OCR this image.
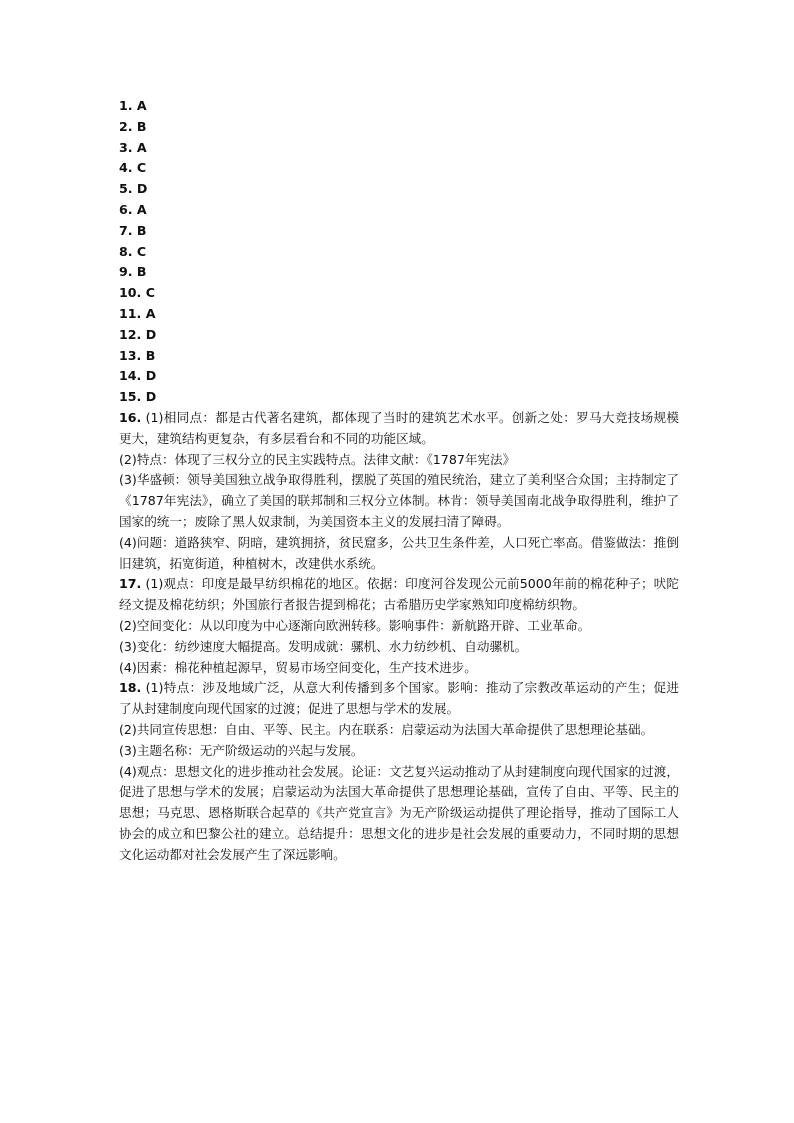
1. A
2. B
3. A
4. C
5. D
6. A
7. B
8. C
9. B
10. C
11. A
12. D
13. B
14. D
15. D
16. (1)相同点：都是古代著名建筑，都体现了当时的建筑艺术水平。创新之处：罗马大竞技场规模更大，建筑结构更复杂，有多层看台和不同的功能区域。
(2)特点：体现了三权分立的民主实践特点。法律文献：《1787年宪法》
(3)华盛顿：领导美国独立战争取得胜利，摆脱了英国的殖民统治，建立了美利坚合众国；主持制定了《1787年宪法》，确立了美国的联邦制和三权分立体制。林肯：领导美国南北战争取得胜利，维护了国家的统一；废除了黑人奴隶制，为美国资本主义的发展扫清了障碍。
(4)问题：道路狭窄、阴暗，建筑拥挤，贫民窟多，公共卫生条件差，人口死亡率高。借鉴做法：推倒旧建筑，拓宽街道，种植树木，改建供水系统。
17. (1)观点：印度是最早纺织棉花的地区。依据：印度河谷发现公元前5000年前的棉花种子；吠陀经文提及棉花纺织；外国旅行者报告提到棉花；古希腊历史学家熟知印度棉纺织物。
(2)空间变化：从以印度为中心逐渐向欧洲转移。影响事件：新航路开辟、工业革命。
(3)变化：纺纱速度大幅提高。发明成就：骡机、水力纺纱机、自动骡机。
(4)因素：棉花种植起源早，贸易市场空间变化，生产技术进步。
18. (1)特点：涉及地域广泛，从意大利传播到多个国家。影响：推动了宗教改革运动的产生；促进了从封建制度向现代国家的过渡；促进了思想与学术的发展。
(2)共同宣传思想：自由、平等、民主。内在联系：启蒙运动为法国大革命提供了思想理论基础。
(3)主题名称：无产阶级运动的兴起与发展。
(4)观点：思想文化的进步推动社会发展。论证：文艺复兴运动推动了从封建制度向现代国家的过渡，促进了思想与学术的发展；启蒙运动为法国大革命提供了思想理论基础，宣传了自由、平等、民主的思想；马克思、恩格斯联合起草的《共产党宣言》为无产阶级运动提供了理论指导，推动了国际工人协会的成立和巴黎公社的建立。总结提升：思想文化的进步是社会发展的重要动力，不同时期的思想文化运动都对社会发展产生了深远影响。
